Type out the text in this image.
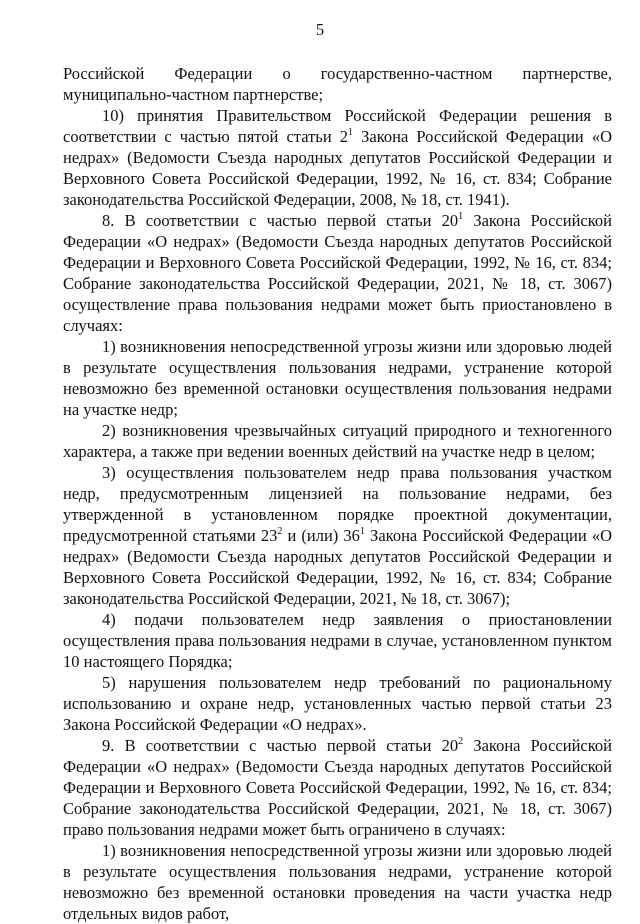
5

Российской Федерации о государственно-частном партнерстве, муниципально-частном партнерстве;

10) принятия Правительством Российской Федерации решения в соответствии с частью пятой статьи $2^1$ Закона Российской Федерации «О недрах» (Ведомости Съезда народных депутатов Российской Федерации и Верховного Совета Российской Федерации, 1992, № 16, ст. 834; Собрание законодательства Российской Федерации, 2008, № 18, ст. 1941).

8. В соответствии с частью первой статьи $20^1$ Закона Российской Федерации «О недрах» (Ведомости Съезда народных депутатов Российской Федерации и Верховного Совета Российской Федерации, 1992, № 16, ст. 834; Собрание законодательства Российской Федерации, 2021, № 18, ст. 3067) осуществление права пользования недрами может быть приостановлено в случаях:

1) возникновения непосредственной угрозы жизни или здоровью людей в результате осуществления пользования недрами, устранение которой невозможно без временной остановки осуществления пользования недрами на участке недр;

2) возникновения чрезвычайных ситуаций природного и техногенного характера, а также при ведении военных действий на участке недр в целом;

3) осуществления пользователем недр права пользования участком недр, предусмотренным лицензией на пользование недрами, без утвержденной в установленном порядке проектной документации, предусмотренной статьями $23^2$ и (или) $36^1$ Закона Российской Федерации «О недрах» (Ведомости Съезда народных депутатов Российской Федерации и Верховного Совета Российской Федерации, 1992, № 16, ст. 834; Собрание законодательства Российской Федерации, 2021, № 18, ст. 3067);

4) подачи пользователем недр заявления о приостановлении осуществления права пользования недрами в случае, установленном пунктом 10 настоящего Порядка;

5) нарушения пользователем недр требований по рациональному использованию и охране недр, установленных частью первой статьи 23 Закона Российской Федерации «О недрах».

9. В соответствии с частью первой статьи $20^2$ Закона Российской Федерации «О недрах» (Ведомости Съезда народных депутатов Российской Федерации и Верховного Совета Российской Федерации, 1992, № 16, ст. 834; Собрание законодательства Российской Федерации, 2021, № 18, ст. 3067) право пользования недрами может быть ограничено в случаях:

1) возникновения непосредственной угрозы жизни или здоровью людей в результате осуществления пользования недрами, устранение которой невозможно без временной остановки проведения на части участка недр отдельных видов работ,
